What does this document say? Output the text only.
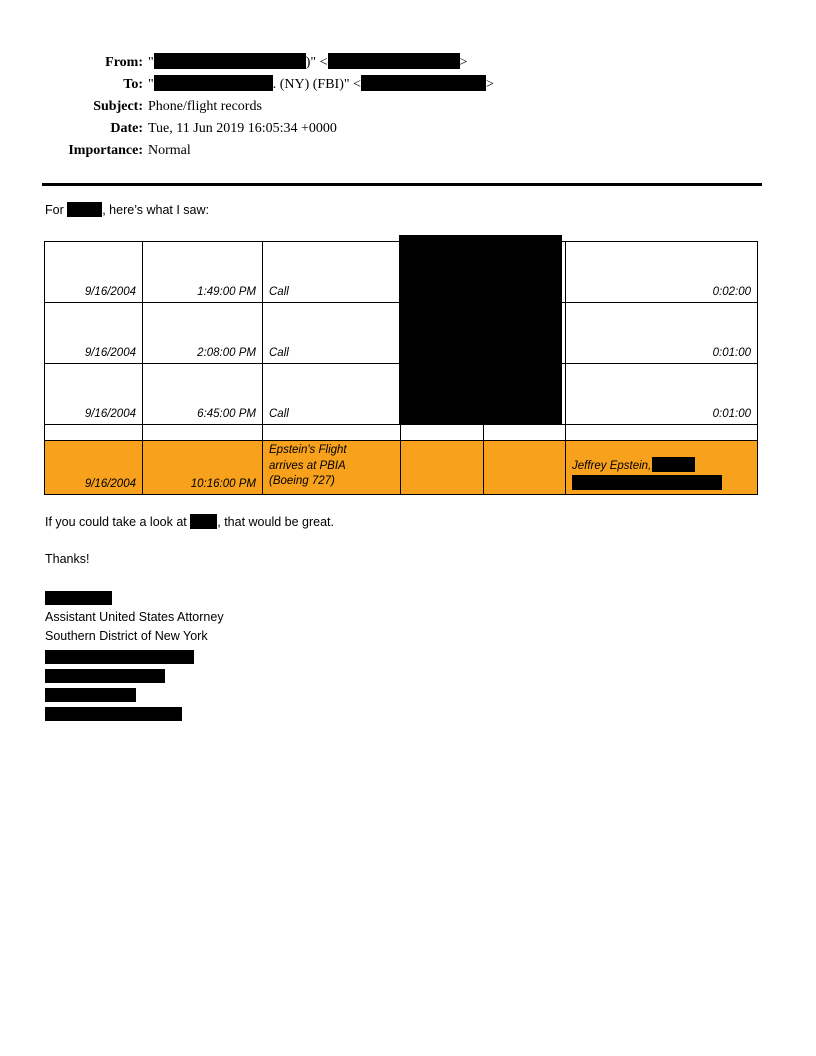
From: "	)" <	>
To: "	. (NY) (FBI)" <	>
Subject: Phone/flight records
Date: Tue, 11 Jun 2019 16:05:34 +0000
Importance: Normal

For	, here’s what I saw:

9/16/2004	1:49:00 PM	Call			0:02:00
9/16/2004	2:08:00 PM	Call			0:01:00
9/16/2004	6:45:00 PM	Call			0:01:00

9/16/2004	10:16:00 PM	Epstein's Flight arrives at PBIA (Boeing 727)			Jeffrey Epstein,

If you could take a look at , that would be great.

Thanks!

Assistant United States Attorney
Southern District of New York
